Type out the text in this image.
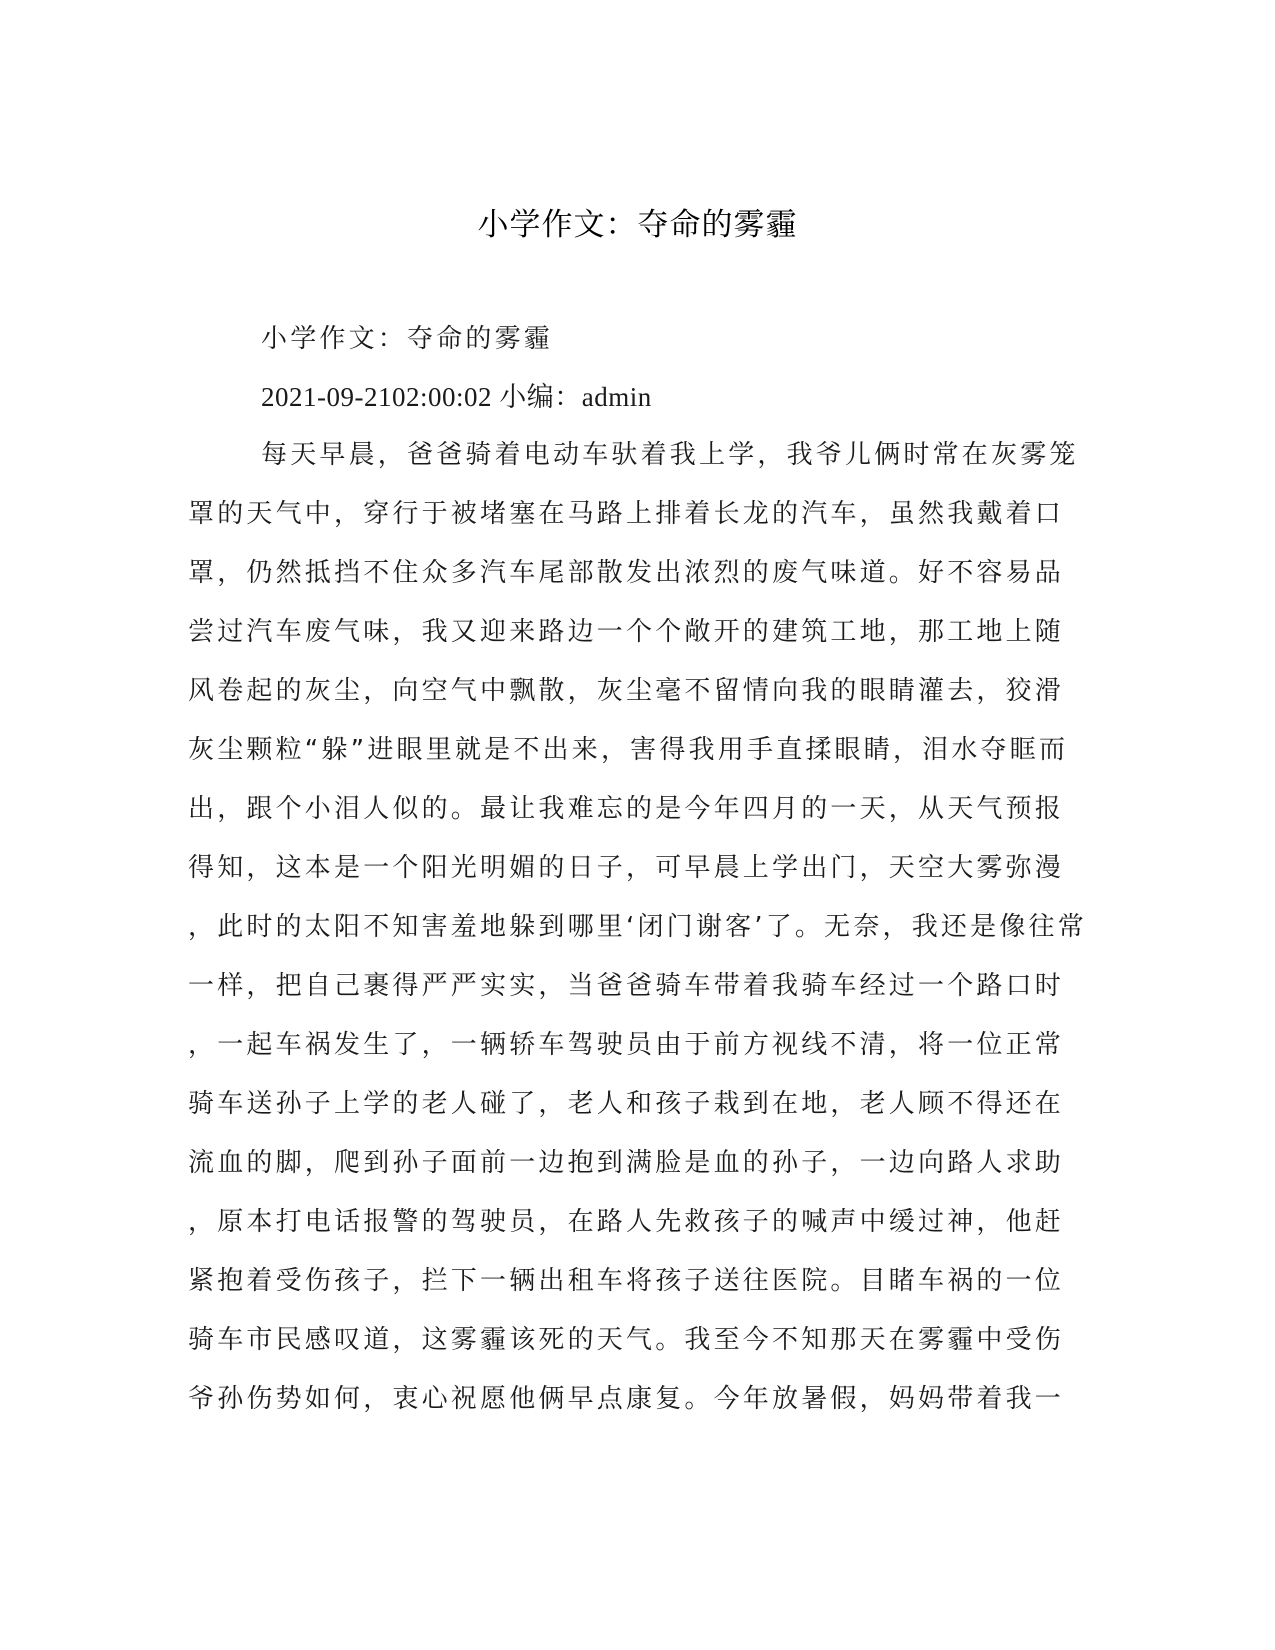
小学作文：夺命的雾霾
小学作文：夺命的雾霾
2021-09-2102:00:02 小编：admin
每天早晨，爸爸骑着电动车驮着我上学，我爷儿俩时常在灰雾笼
罩的天气中，穿行于被堵塞在马路上排着长龙的汽车，虽然我戴着口
罩，仍然抵挡不住众多汽车尾部散发出浓烈的废气味道。好不容易品
尝过汽车废气味，我又迎来路边一个个敞开的建筑工地，那工地上随
风卷起的灰尘，向空气中飘散，灰尘毫不留情向我的眼睛灌去，狡滑
灰尘颗粒“躲”进眼里就是不出来，害得我用手直揉眼睛，泪水夺眶而
出，跟个小泪人似的。最让我难忘的是今年四月的一天，从天气预报
得知，这本是一个阳光明媚的日子，可早晨上学出门，天空大雾弥漫
，此时的太阳不知害羞地躲到哪里‘闭门谢客’了。无奈，我还是像往常
一样，把自己裹得严严实实，当爸爸骑车带着我骑车经过一个路口时
，一起车祸发生了，一辆轿车驾驶员由于前方视线不清，将一位正常
骑车送孙子上学的老人碰了，老人和孩子栽到在地，老人顾不得还在
流血的脚，爬到孙子面前一边抱到满脸是血的孙子，一边向路人求助
，原本打电话报警的驾驶员，在路人先救孩子的喊声中缓过神，他赶
紧抱着受伤孩子，拦下一辆出租车将孩子送往医院。目睹车祸的一位
骑车市民感叹道，这雾霾该死的天气。我至今不知那天在雾霾中受伤
爷孙伤势如何，衷心祝愿他俩早点康复。今年放暑假，妈妈带着我一
